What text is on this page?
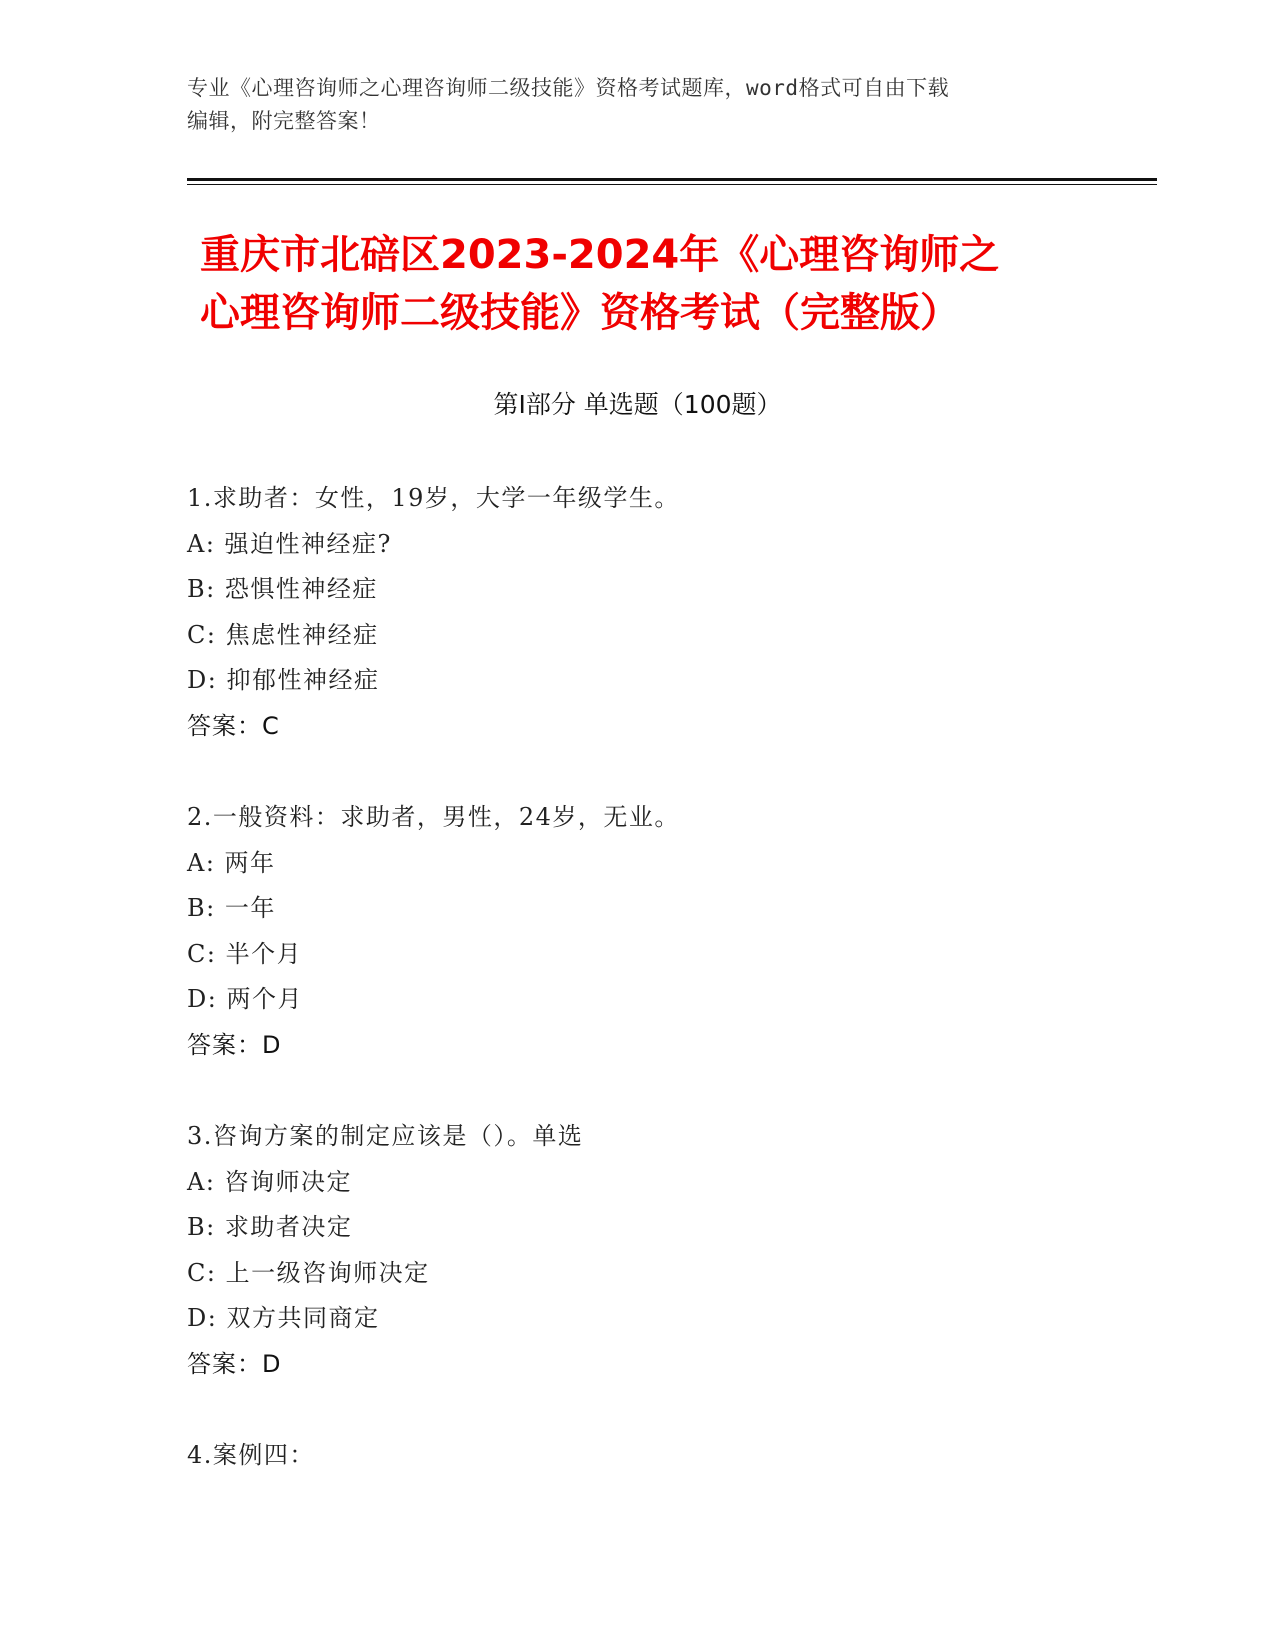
专业《心理咨询师之心理咨询师二级技能》资格考试题库，word格式可自由下载
编辑，附完整答案！
重庆市北碚区2023-2024年《心理咨询师之
心理咨询师二级技能》资格考试（完整版）
第Ⅰ部分 单选题（100题）
1.求助者：女性，19岁，大学一年级学生。
A: 强迫性神经症?
B: 恐惧性神经症
C: 焦虑性神经症
D: 抑郁性神经症
答案：C
2.一般资料：求助者，男性，24岁，无业。
A: 两年
B: 一年
C: 半个月
D: 两个月
答案：D
3.咨询方案的制定应该是（）。单选
A: 咨询师决定
B: 求助者决定
C: 上一级咨询师决定
D: 双方共同商定
答案：D
4.案例四：
